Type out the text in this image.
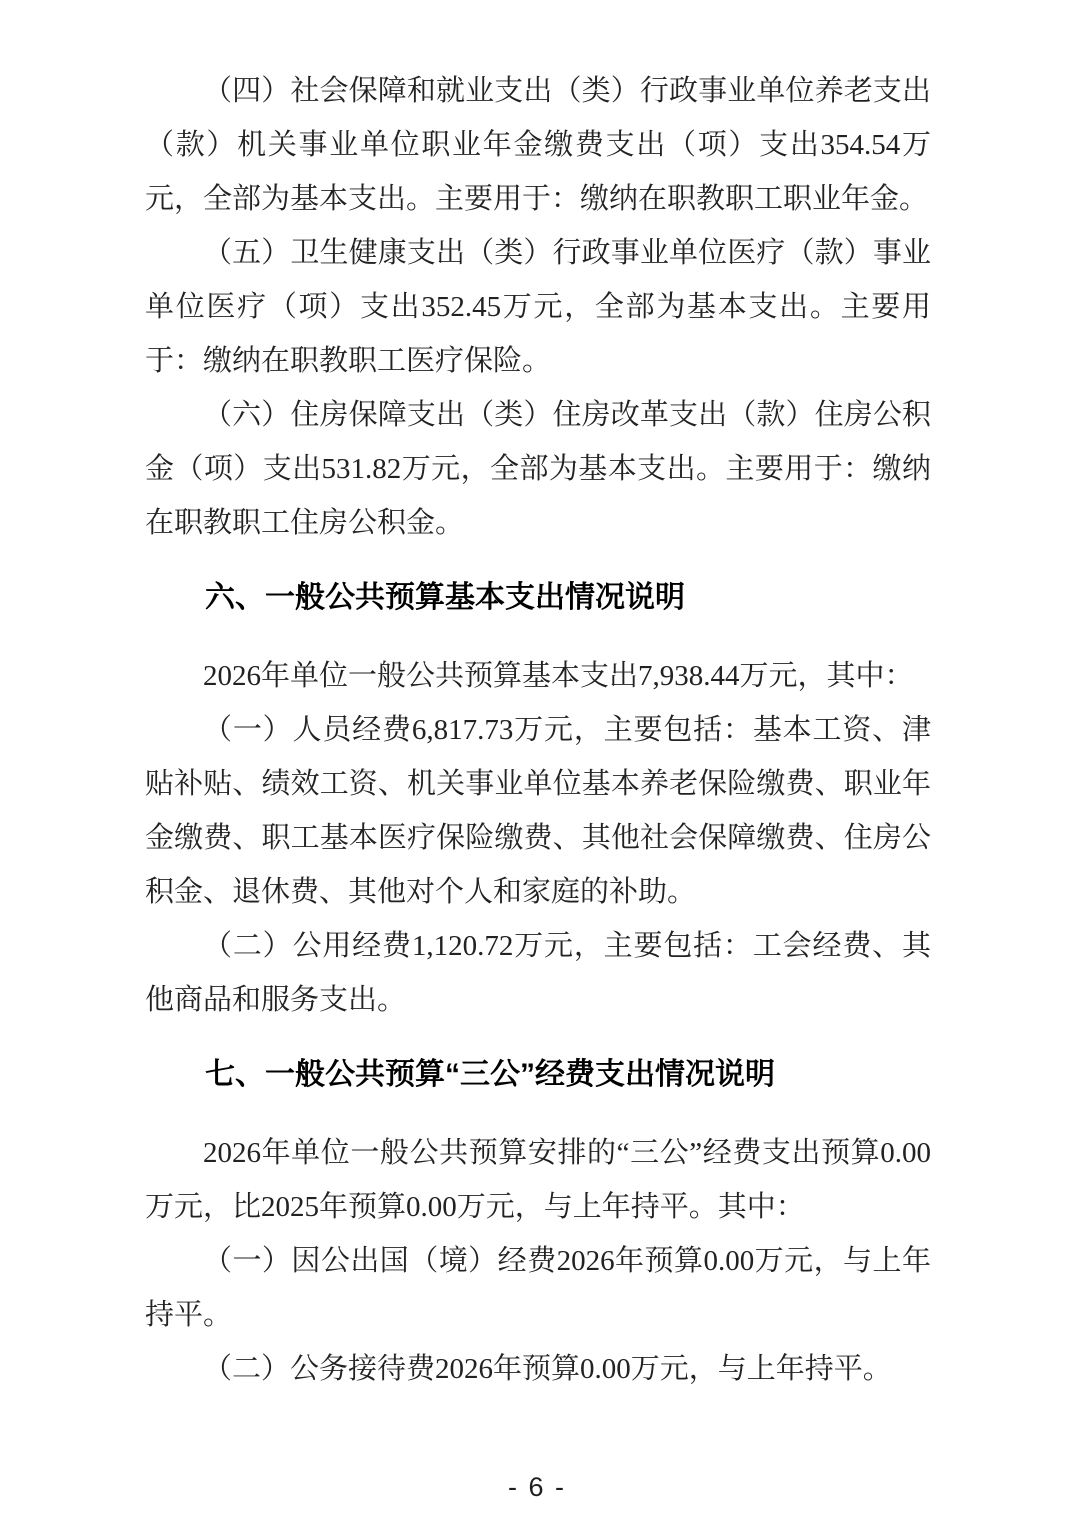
（四）社会保障和就业支出（类）行政事业单位养老支出（款）机关事业单位职业年金缴费支出（项）支出354.54万元，全部为基本支出。主要用于：缴纳在职教职工职业年金。

（五）卫生健康支出（类）行政事业单位医疗（款）事业单位医疗（项）支出352.45万元，全部为基本支出。主要用于：缴纳在职教职工医疗保险。

（六）住房保障支出（类）住房改革支出（款）住房公积金（项）支出531.82万元，全部为基本支出。主要用于：缴纳在职教职工住房公积金。

六、一般公共预算基本支出情况说明

2026年单位一般公共预算基本支出7,938.44万元，其中：

（一）人员经费6,817.73万元，主要包括：基本工资、津贴补贴、绩效工资、机关事业单位基本养老保险缴费、职业年金缴费、职工基本医疗保险缴费、其他社会保障缴费、住房公积金、退休费、其他对个人和家庭的补助。

（二）公用经费1,120.72万元，主要包括：工会经费、其他商品和服务支出。

七、一般公共预算“三公”经费支出情况说明

2026年单位一般公共预算安排的“三公”经费支出预算0.00万元，比2025年预算0.00万元，与上年持平。其中：

（一）因公出国（境）经费2026年预算0.00万元，与上年持平。

（二）公务接待费2026年预算0.00万元，与上年持平。

- 6 -
